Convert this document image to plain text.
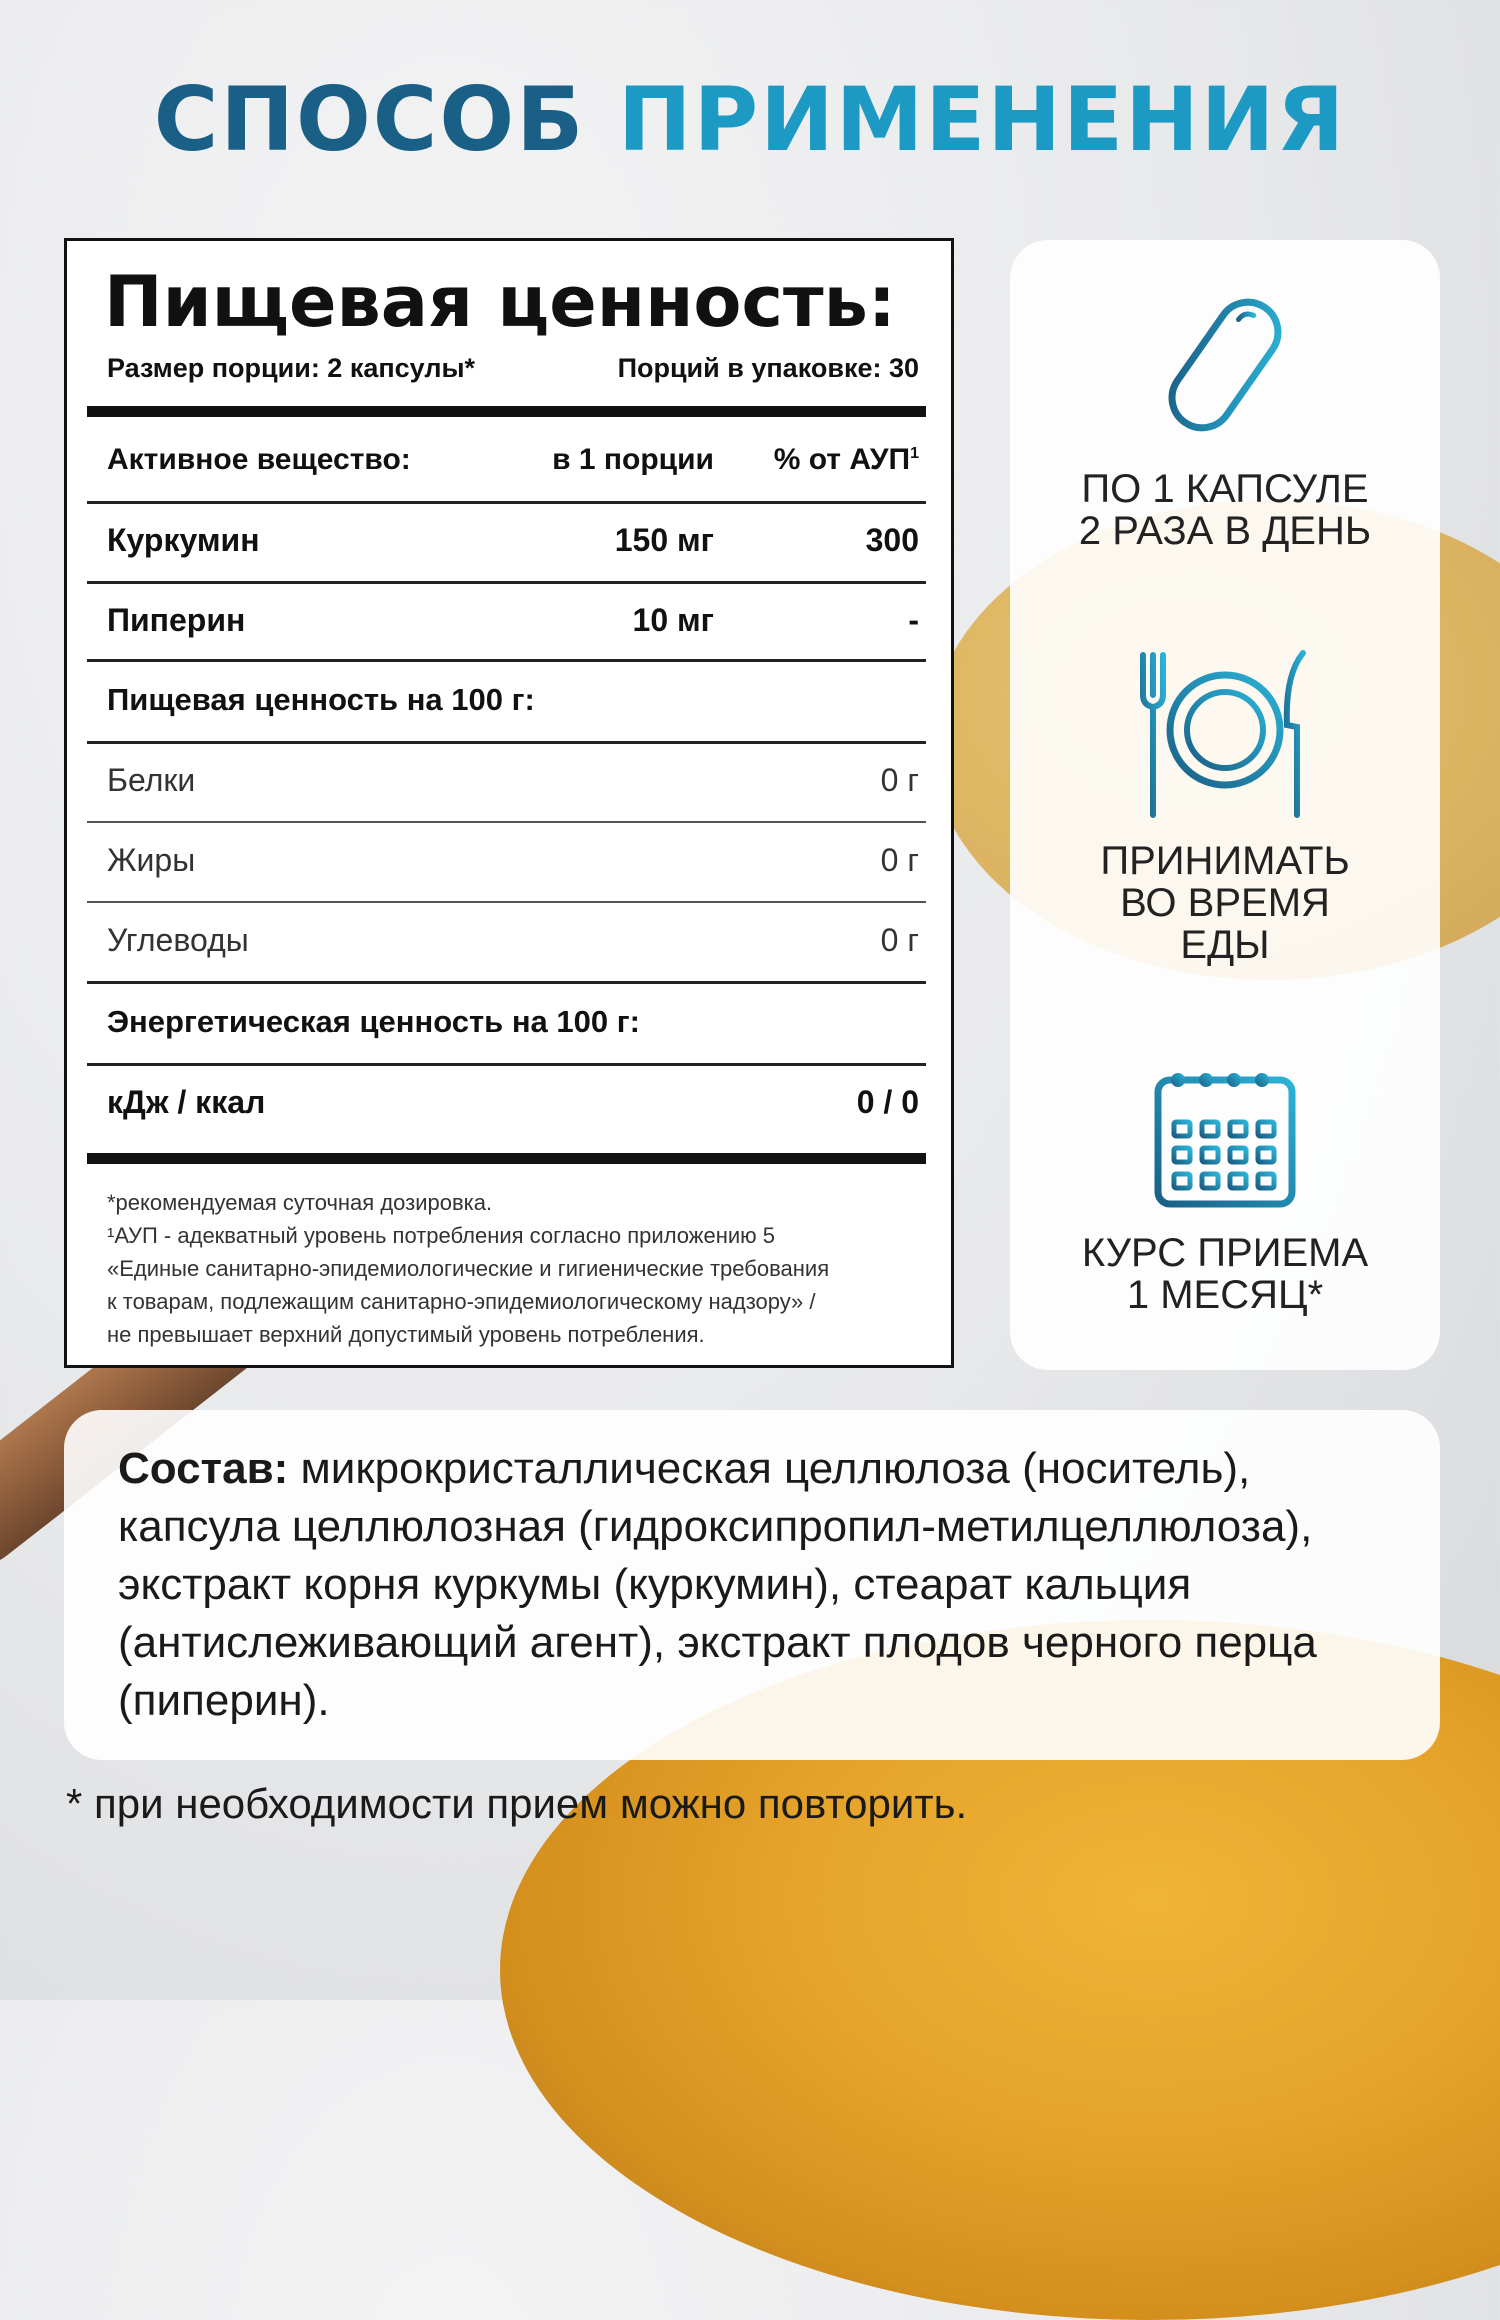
СПОСОБ ПРИМЕНЕНИЯ
Пищевая ценность:
Размер порции: 2 капсулы*	Порций в упаковке: 30
Активное вещество:	в 1 порции	% от АУП$^1$
Куркумин	150 мг	300
Пиперин	10 мг	-
Пищевая ценность на 100 г:
Белки	0 г
Жиры	0 г
Углеводы	0 г
Энергетическая ценность на 100 г:
кДж / ккал	0 / 0
*рекомендуемая суточная дозировка.
¹АУП - адекватный уровень потребления согласно приложению 5
«Единые санитарно-эпидемиологические и гигиенические требования
к товарам, подлежащим санитарно-эпидемиологическому надзору» /
не превышает верхний допустимый уровень потребления.
ПО 1 КАПСУЛЕ
2 РАЗА В ДЕНЬ
ПРИНИМАТЬ
ВО ВРЕМЯ
ЕДЫ
КУРС ПРИЕМА
1 МЕСЯЦ*

Состав: микрокристаллическая целлюлоза (носитель), капсула целлюлозная (гидроксипропил-метилцеллюлоза), экстракт корня куркумы (куркумин), стеарат кальция (антислеживающий агент), экстракт плодов черного перца (пиперин).

* при необходимости прием можно повторить.
